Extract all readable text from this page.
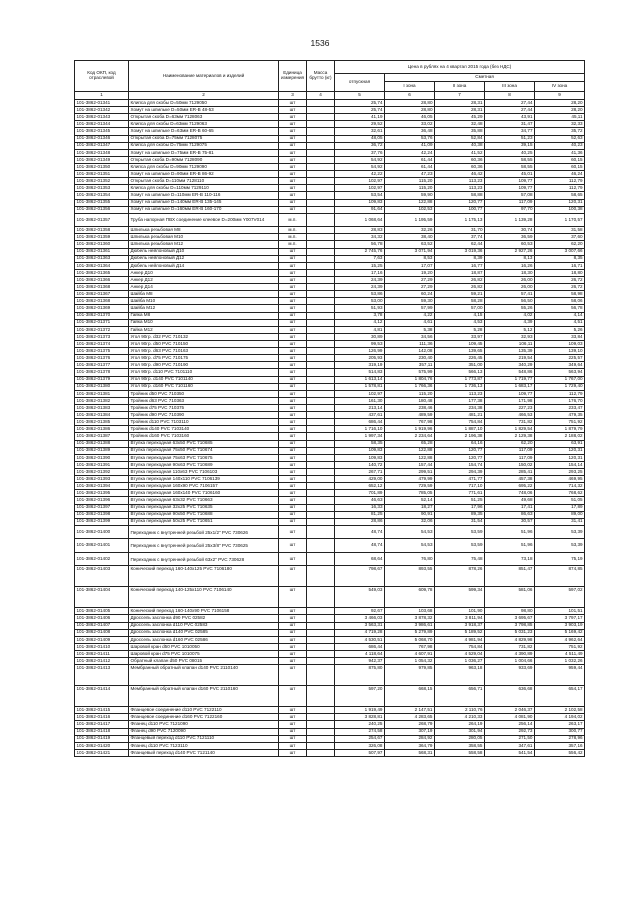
1536
Код ОКП, код отраслевой	Наименование материалов и изделий	Единица измерения	Масса брутто (кг)	Цена в рублях на 4 квартал 2015 года (без НДС)				
				отпускная	Сметная			
					I зона	II зона	III зона	IV зона
1	2	3	4	5	6	7	8	9
101-3862-01341	Клипса для скобы D=50мм 7129050	шт		25,74	28,80	28,31	27,44	28,20
101-3862-01342	Хомут на шпильке D=50мм ER-B 48-53	шт		25,74	28,80	28,31	27,44	28,20
101-3862-01343	Открытая скоба D=63мм 7128063	шт		41,19	46,05	45,29	43,91	45,11
101-3862-01344	Клипса для скобы D=63мм 7129063	шт		29,52	33,02	32,48	31,47	32,33
101-3862-01345	Хомут на шпильке D=63мм ER-B 60-65	шт		32,61	36,48	35,88	34,77	35,72
101-3862-01346	Открытая скоба D=75мм 7128075	шт		48,05	53,76	52,84	51,23	52,63
101-3862-01347	Клипса для скобы D=75мм 7129075	шт		36,72	41,09	40,38	39,15	40,23
101-3862-01348	Хомут на шпильке D=75мм ER-B 75-81	шт		37,76	42,24	41,52	40,25	41,36
101-3862-01349	Открытая скоба D=90мм 7128090	шт		54,92	61,44	60,36	58,55	60,15
101-3862-01350	Клипса для скобы D=90мм 7129090	шт		54,92	61,44	60,36	58,55	60,15
101-3862-01351	Хомут на шпильке D=90мм ER-B 86-92	шт		42,22	47,23	46,42	45,01	46,24
101-3862-01352	Открытая скоба D=110мм 7128110	шт		102,97	115,20	113,23	109,77	112,79
101-3862-01353	Клипса для скобы D=110мм 7129110	шт		102,97	115,20	113,23	109,77	112,79
101-3862-01354	Хомут на шпильке D=110мм ER-B 110-116	шт		53,54	59,90	58,88	57,08	58,65
101-3862-01355	Хомут на шпильке D=140мм ER-B 135-145	шт		109,83	122,88	120,77	117,09	120,31
101-3862-01356	Хомут на шпильке D=160мм ER-B 160-170	шт		91,64	102,53	100,77	97,70	100,38
101-3862-01357	Труба напорная ПВХ соединение клеевое D=200мм Y007V014	м.п.		1 068,64	1 195,59	1 175,13	1 139,28	1 170,57
101-3862-01358	Шпилька резьбовая М8	м.п.		28,83	32,26	31,70	30,74	31,58
101-3862-01359	Шпилька резьбовая М10	м.п.		34,32	38,40	37,74	36,59	37,60
101-3862-01360	Шпилька резьбовая М12	м.п.		56,78	63,52	62,44	60,53	62,20
101-3862-01361	Дюбель нейлоновый Д10	шт		2 745,76	3 071,94	3 019,36	2 927,26	3 007,66
101-3862-01363	Дюбель нейлоновый Д12	шт		7,63	8,53	8,39	8,13	8,35
101-3862-01364	Дюбель нейлоновый Д14	шт		15,25	17,07	16,77	16,26	16,71
101-3862-01365	Анкер Д10	шт		17,16	19,20	18,87	18,30	18,80
101-3862-01366	Анкер Д12	шт		24,39	27,29	26,82	26,00	26,72
101-3862-01368	Анкер Д14	шт		24,39	27,29	26,82	26,00	26,72
101-3862-01367	Шайба М8	шт		53,86	60,24	59,21	57,41	58,98
101-3862-01368	Шайба М10	шт		53,00	59,30	58,28	56,50	58,06
101-3862-01369	Шайба М12	шт		51,93	57,99	57,00	55,26	56,78
101-3862-01370	Гайка М8	шт		3,78	4,22	4,15	4,02	4,14
101-3862-01371	Гайка М10	шт		4,12	4,61	4,53	4,39	4,51
101-3862-01372	Гайка М12	шт		4,81	5,38	5,28	5,12	5,26
101-3862-01373	Угол 90гр. d32 PVC 710132	шт		30,89	34,56	33,97	32,93	33,84
101-3862-01374	Угол 90гр. d50 PVC 710150	шт		99,53	111,36	109,45	106,11	109,03
101-3862-01375	Угол 90гр. d63 PVC 710163	шт		126,99	142,08	139,65	135,39	139,10
101-3862-01376	Угол 90гр. d75 PVC 710175	шт		205,93	230,40	226,45	219,54	225,57
101-3862-01377	Угол 90гр. d90 PVC 710190	шт		319,19	357,11	351,00	340,29	349,64
101-3862-01378	Угол 90гр. d110 PVC 7101110	шт		514,83	575,99	566,13	548,86	563,94
101-3862-01379	Угол 90гр. d140 PVC 7101140	шт		1 613,14	1 804,76	1 773,87	1 719,77	1 767,00
101-3862-01380	Угол 90гр. d160 PVC 7101160	шт		1 578,81	1 766,36	1 736,13	1 683,17	1 729,40
101-3862-01381	Тройник d50 PVC 710350	шт		102,97	115,20	113,23	109,77	112,79
101-3862-01382	Тройник d63 PVC 710363	шт		161,30	180,48	177,38	171,98	176,70
101-3862-01383	Тройник d75 PVC 710375	шт		213,14	238,46	234,38	227,23	233,47
101-3862-01384	Тройник d90 PVC 710390	шт		437,61	489,59	481,21	466,53	479,35
101-3862-01385	Тройник d110 PVC 7103110	шт		686,44	767,98	754,84	731,82	751,92
101-3862-01386	Тройник d140 PVC 7103140	шт		1 716,10	1 919,96	1 887,10	1 829,54	1 879,79
101-3862-01387	Тройник d160 PVC 7103160	шт		1 997,34	2 234,64	2 196,38	2 129,38	2 188,02
101-3862-01388	Втулка переходная 63х50 PVC 710685	шт		58,35	65,28	64,16	62,20	63,91
101-3862-01389	Втулка переходная 75х50 PVC 710674	шт		109,83	122,88	120,77	117,09	120,31
101-3862-01390	Втулка переходная 75х63 PVC 710675	шт		109,83	122,88	120,77	117,09	120,31
101-3862-01391	Втулка переходная 90х63 PVC 710689	шт		140,72	157,44	154,74	150,02	154,14
101-3862-01392	Втулка переходная 110х63 PVC 7106103	шт		267,71	299,51	294,39	285,41	293,25
101-3862-01393	Втулка переходная 140х110 PVC 7106139	шт		429,00	479,99	471,77	457,38	469,95
101-3862-01394	Втулка переходная 160х90 PVC 7106157	шт		652,12	729,59	717,10	695,22	714,32
101-3862-01395	Втулка переходная 160х140 PVC 7106160	шт		701,89	785,05	771,61	748,06	768,62
101-3862-01396	Втулка переходная 63х32 PVC 710663	шт		46,63	52,14	51,25	49,68	51,05
101-3862-01397	Втулка переходная 32х25 PVC 710635	шт		16,33	18,27	17,96	17,41	17,89
101-3862-01398	Втулка переходная 90х50 PVC 710688	шт		81,25	90,91	89,35	86,63	89,00
101-3862-01399	Втулка переходная 50х25 PVC 710651	шт		28,86	32,06	31,54	30,57	31,41
101-3862-01400	Переходник с внутренней резьбой 25х1/2" PVC 730626	шт		48,74	54,53	53,59	51,96	53,39
101-3862-01401	Переходник с внутренней резьбой 25х3/8" PVC 730625	шт		48,74	54,53	53,59	51,96	53,39
101-3862-01402	Переходник с внутренней резьбой 63х2" PVC 730628	шт		68,64	76,80	75,48	73,18	75,19
101-3862-01403	Конический переход 160-140х125 PVC 7106180	шт		798,67	893,55	878,26	851,47	874,85
101-3862-01404	Конический переход 140-125х110 PVC 7106140	шт		549,03	609,78	599,34	581,06	597,02
101-3862-01405	Конический переход 160-140х90 PVC 7106158	шт		92,67	103,68	101,90	98,80	101,51
101-3862-01406	Дроссель заслонка d90 PVC 02582	шт		3 466,03	3 878,32	3 811,94	3 695,67	3 797,17
101-3862-01407	Дроссель заслонка d110 PVC 02583	шт		3 563,31	3 986,61	3 918,37	3 798,85	3 903,19
101-3862-01408	Дроссель заслонка d140 PVC 02585	шт		4 719,28	5 279,89	5 189,52	5 031,23	5 169,42
101-3862-01409	Дроссель заслонка d160 PVC 02586	шт		4 530,51	5 068,70	4 981,94	4 829,98	4 962,64
101-3862-01410	Шаровой кран d50 PVC 1010050	шт		686,44	767,98	754,84	731,82	751,92
101-3862-01411	Шаровой кран d75 PVC 1010075	шт		4 118,64	4 607,91	4 529,04	4 390,89	4 511,49
101-3862-01412	Обратный клапан d50 PVC 08015	шт		942,37	1 054,32	1 036,27	1 004,66	1 032,26
101-3862-01413	Мембранный обратный клапан d140 PVC 2110140	шт		875,80	979,85	963,18	933,69	959,44
101-3862-01414	Мембранный обратный клапан d160 PVC 2110160	шт		597,20	668,15	656,71	636,68	654,17
101-3862-01415	Фланцевое соединение d110 PVC 7122110	шт		1 919,49	2 147,51	2 110,76	2 046,37	2 102,58
101-3862-01416	Фланцевое соединение d160 PVC 7122160	шт		3 828,81	4 283,65	4 210,33	4 081,90	4 194,02
101-3862-01417	Фланец d110 PVC 7121090	шт		240,25	268,79	264,19	256,14	263,17
101-3862-01418	Фланец d90 PVC 7120090	шт		274,58	307,19	301,94	292,73	300,77
101-3862-01419	Фланцевый переход d110 PVC 7121110	шт		254,67	284,92	280,05	271,50	278,96
101-3862-01420	Фланец d110 PVC 7123110	шт		326,08	364,79	358,55	347,61	357,16
101-3862-01421	Фланцевый переход d140 PVC 7121140	шт		507,97	568,31	558,58	541,54	556,42
